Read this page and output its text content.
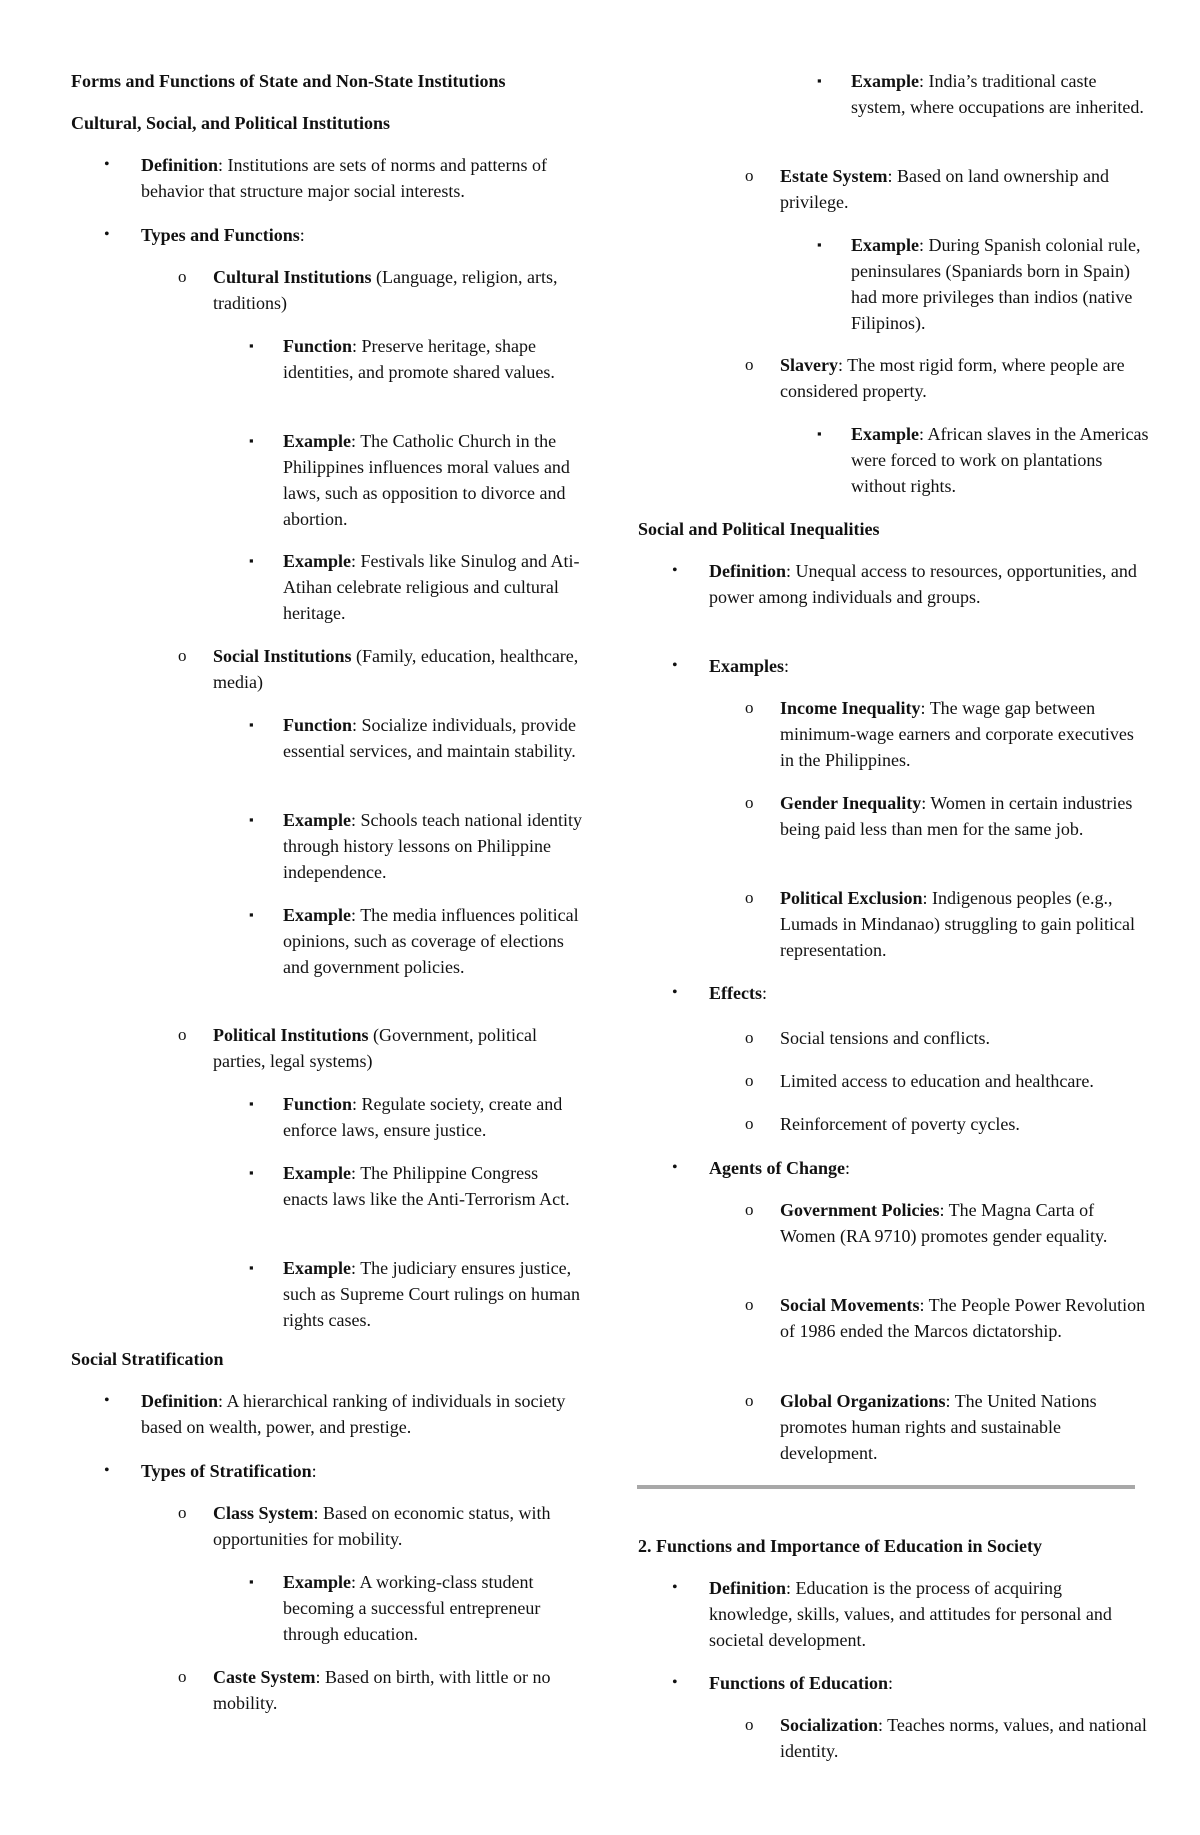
Forms and Functions of State and Non-State Institutions
Cultural, Social, and Political Institutions
• Definition: Institutions are sets of norms and patterns of behavior that structure major social interests.
• Types and Functions:
o Cultural Institutions (Language, religion, arts, traditions)
▪ Function: Preserve heritage, shape identities, and promote shared values.
▪ Example: The Catholic Church in the Philippines influences moral values and laws, such as opposition to divorce and abortion.
▪ Example: Festivals like Sinulog and Ati-Atihan celebrate religious and cultural heritage.
o Social Institutions (Family, education, healthcare, media)
▪ Function: Socialize individuals, provide essential services, and maintain stability.
▪ Example: Schools teach national identity through history lessons on Philippine independence.
▪ Example: The media influences political opinions, such as coverage of elections and government policies.
o Political Institutions (Government, political parties, legal systems)
▪ Function: Regulate society, create and enforce laws, ensure justice.
▪ Example: The Philippine Congress enacts laws like the Anti-Terrorism Act.
▪ Example: The judiciary ensures justice, such as Supreme Court rulings on human rights cases.
Social Stratification
• Definition: A hierarchical ranking of individuals in society based on wealth, power, and prestige.
• Types of Stratification:
o Class System: Based on economic status, with opportunities for mobility.
▪ Example: A working-class student becoming a successful entrepreneur through education.
o Caste System: Based on birth, with little or no mobility.
▪ Example: India’s traditional caste system, where occupations are inherited.
o Estate System: Based on land ownership and privilege.
▪ Example: During Spanish colonial rule, peninsulares (Spaniards born in Spain) had more privileges than indios (native Filipinos).
o Slavery: The most rigid form, where people are considered property.
▪ Example: African slaves in the Americas were forced to work on plantations without rights.
Social and Political Inequalities
• Definition: Unequal access to resources, opportunities, and power among individuals and groups.
• Examples:
o Income Inequality: The wage gap between minimum-wage earners and corporate executives in the Philippines.
o Gender Inequality: Women in certain industries being paid less than men for the same job.
o Political Exclusion: Indigenous peoples (e.g., Lumads in Mindanao) struggling to gain political representation.
• Effects:
o Social tensions and conflicts.
o Limited access to education and healthcare.
o Reinforcement of poverty cycles.
• Agents of Change:
o Government Policies: The Magna Carta of Women (RA 9710) promotes gender equality.
o Social Movements: The People Power Revolution of 1986 ended the Marcos dictatorship.
o Global Organizations: The United Nations promotes human rights and sustainable development.
2. Functions and Importance of Education in Society
• Definition: Education is the process of acquiring knowledge, skills, values, and attitudes for personal and societal development.
• Functions of Education:
o Socialization: Teaches norms, values, and national identity.
